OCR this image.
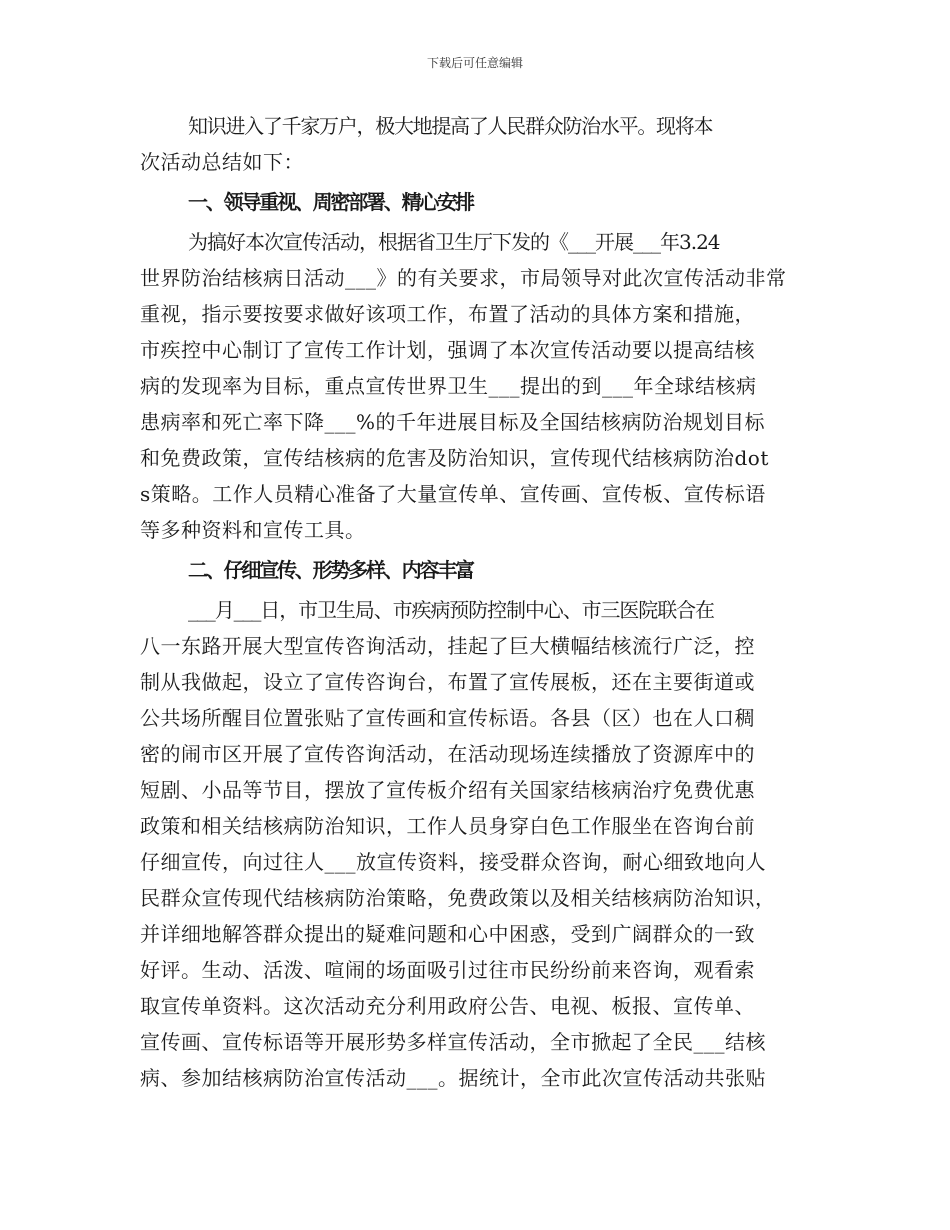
下载后可任意编辑
知识进入了千家万户，极大地提高了人民群众防治水平。现将本
次活动总结如下：
一、领导重视、周密部署、精心安排
为搞好本次宣传活动，根据省卫生厅下发的《___开展___年3.24
世界防治结核病日活动___》的有关要求，市局领导对此次宣传活动非常
重视，指示要按要求做好该项工作，布置了活动的具体方案和措施，
市疾控中心制订了宣传工作计划，强调了本次宣传活动要以提高结核
病的发现率为目标，重点宣传世界卫生___提出的到___年全球结核病
患病率和死亡率下降___%的千年进展目标及全国结核病防治规划目标
和免费政策，宣传结核病的危害及防治知识，宣传现代结核病防治dot
s策略。工作人员精心准备了大量宣传单、宣传画、宣传板、宣传标语
等多种资料和宣传工具。
二、仔细宣传、形势多样、内容丰富
___月___日，市卫生局、市疾病预防控制中心、市三医院联合在
八一东路开展大型宣传咨询活动，挂起了巨大横幅结核流行广泛，控
制从我做起，设立了宣传咨询台，布置了宣传展板，还在主要街道或
公共场所醒目位置张贴了宣传画和宣传标语。各县（区）也在人口稠
密的闹市区开展了宣传咨询活动，在活动现场连续播放了资源库中的
短剧、小品等节目，摆放了宣传板介绍有关国家结核病治疗免费优惠
政策和相关结核病防治知识，工作人员身穿白色工作服坐在咨询台前
仔细宣传，向过往人___放宣传资料，接受群众咨询，耐心细致地向人
民群众宣传现代结核病防治策略，免费政策以及相关结核病防治知识，
并详细地解答群众提出的疑难问题和心中困惑，受到广阔群众的一致
好评。生动、活泼、喧闹的场面吸引过往市民纷纷前来咨询，观看索
取宣传单资料。这次活动充分利用政府公告、电视、板报、宣传单、
宣传画、宣传标语等开展形势多样宣传活动，全市掀起了全民___结核
病、参加结核病防治宣传活动___。据统计，全市此次宣传活动共张贴
